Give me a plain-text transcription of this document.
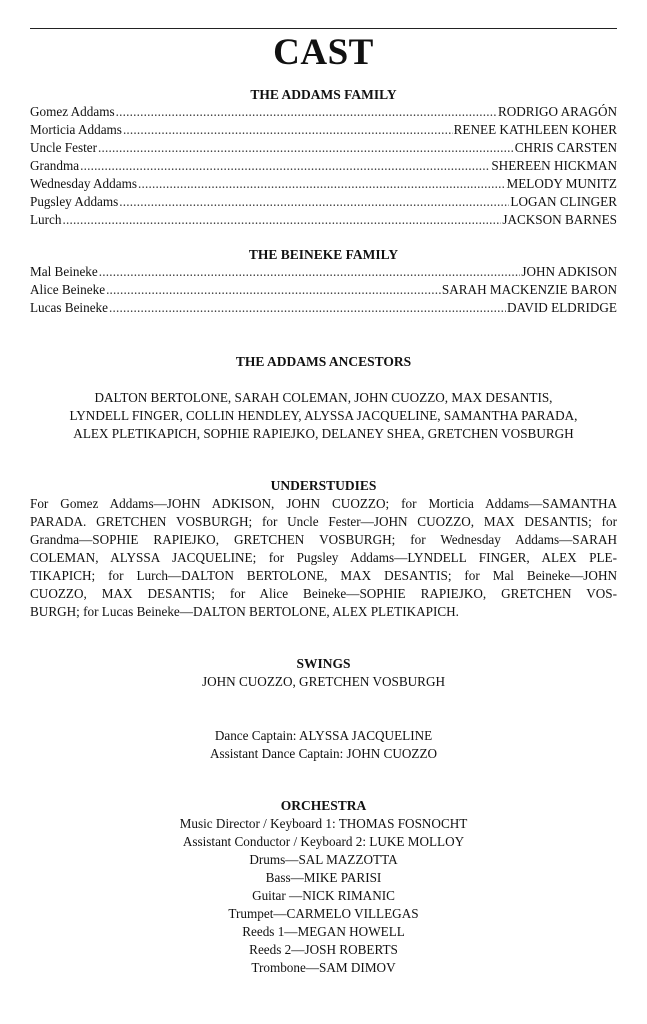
CAST
THE ADDAMS FAMILY
Gomez Addams .....	RODRIGO ARAGÓN
Morticia Addams .....	RENEE KATHLEEN KOHER
Uncle Fester .....	CHRIS CARSTEN
Grandma .....	SHEREEN HICKMAN
Wednesday Addams .....	MELODY MUNITZ
Pugsley Addams .....	LOGAN CLINGER
Lurch .....	JACKSON BARNES
THE BEINEKE FAMILY
Mal Beineke .....	JOHN ADKISON
Alice Beineke .....	SARAH MACKENZIE BARON
Lucas Beineke .....	DAVID ELDRIDGE
THE ADDAMS ANCESTORS
DALTON BERTOLONE, SARAH COLEMAN, JOHN CUOZZO, MAX DESANTIS,
LYNDELL FINGER, COLLIN HENDLEY, ALYSSA JACQUELINE, SAMANTHA PARADA,
ALEX PLETIKAPICH, SOPHIE RAPIEJKO, DELANEY SHEA, GRETCHEN VOSBURGH
UNDERSTUDIES
For Gomez Addams—JOHN ADKISON, JOHN CUOZZO; for Morticia Addams—SAMANTHA
PARADA. GRETCHEN VOSBURGH; for Uncle Fester—JOHN CUOZZO, MAX DESANTIS; for
Grandma—SOPHIE RAPIEJKO, GRETCHEN VOSBURGH; for Wednesday Addams—SARAH
COLEMAN, ALYSSA JACQUELINE; for Pugsley Addams—LYNDELL FINGER, ALEX PLE-
TIKAPICH; for Lurch—DALTON BERTOLONE, MAX DESANTIS; for Mal Beineke—JOHN
CUOZZO, MAX DESANTIS; for Alice Beineke—SOPHIE RAPIEJKO, GRETCHEN VOS-
BURGH; for Lucas Beineke—DALTON BERTOLONE, ALEX PLETIKAPICH.
SWINGS
JOHN CUOZZO, GRETCHEN VOSBURGH
Dance Captain: ALYSSA JACQUELINE
Assistant Dance Captain: JOHN CUOZZO
ORCHESTRA
Music Director / Keyboard 1: THOMAS FOSNOCHT
Assistant Conductor / Keyboard 2: LUKE MOLLOY
Drums—SAL MAZZOTTA
Bass—MIKE PARISI
Guitar —NICK RIMANIC
Trumpet—CARMELO VILLEGAS
Reeds 1—MEGAN HOWELL
Reeds 2—JOSH ROBERTS
Trombone—SAM DIMOV
